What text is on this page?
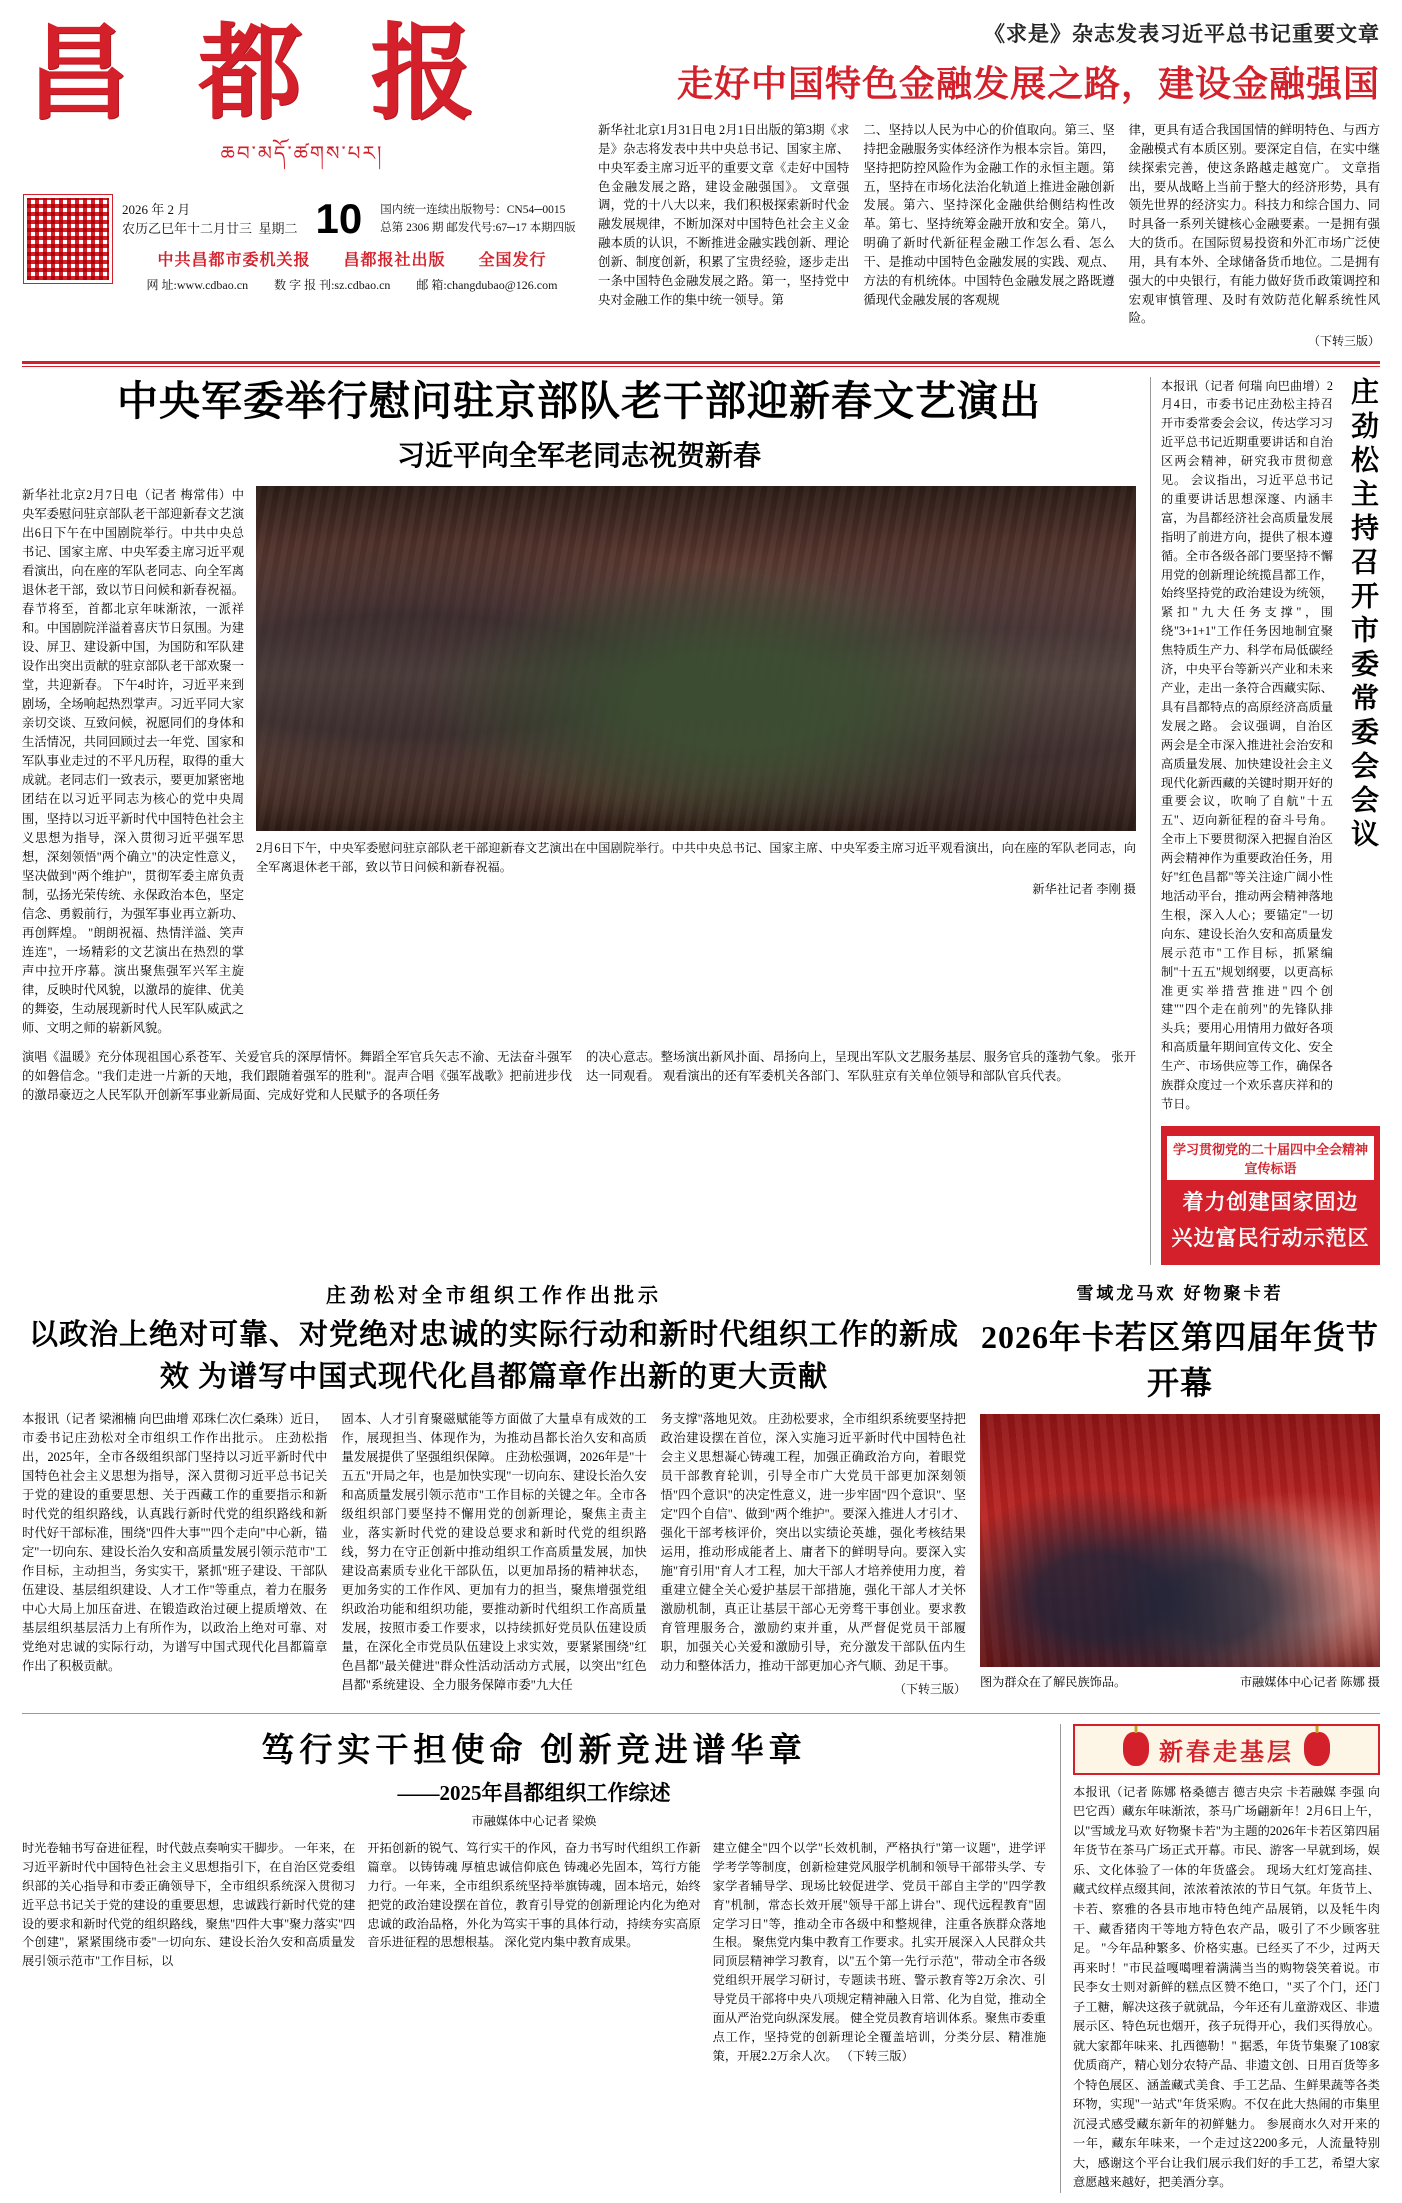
昌 都 报
ཆབ་མདོ་ཚགས་པར།
2026 年 2 月
农历乙巳年十二月廿三 星期二 10	国内统一连续出版物号：CN54─0015
总第 2306 期 邮发代号:67─17 本期四版
中共昌都市委机关报 昌都报社出版 全国发行
网 址:www.cdbao.cn 数 字 报 刊:sz.cdbao.cn 邮 箱:changdubao@126.com
《求是》杂志发表习近平总书记重要文章
走好中国特色金融发展之路，建设金融强国
新华社北京1月31日电 2月1日出版的第3期《求是》杂志将发表中共中央总书记、国家主席、中央军委主席习近平的重要文章《走好中国特色金融发展之路，建设金融强国》。 文章强调，党的十八大以来，我们积极探索新时代金融发展规律，不断加深对中国特色社会主义金融本质的认识，不断推进金融实践创新、理论创新、制度创新，积累了宝贵经验，逐步走出一条中国特色金融发展之路。第一，坚持党中央对金融工作的集中统一领导。第
二、坚持以人民为中心的价值取向。第三、坚持把金融服务实体经济作为根本宗旨。第四，坚持把防控风险作为金融工作的永恒主题。第五，坚持在市场化法治化轨道上推进金融创新发展。第六、坚持深化金融供给侧结构性改革。第七、坚持统筹金融开放和安全。第八，明确了新时代新征程金融工作怎么看、怎么干、是推动中国特色金融发展的实践、观点、方法的有机统体。中国特色金融发展之路既遵循现代金融发展的客观规
律，更具有适合我国国情的鲜明特色、与西方金融模式有本质区别。要深定自信，在实中继续探索完善，使这条路越走越宽广。 文章指出，要从战略上当前于整大的经济形势，具有领先世界的经济实力。科技力和综合国力、同时具备一系列关键核心金融要素。一是拥有强大的货币。在国际贸易投资和外汇市场广泛使用，具有本外、全球储备货币地位。二是拥有强大的中央银行，有能力做好货币政策调控和宏观审慎管理、及时有效防范化解系统性风险。
（下转三版）
中央军委举行慰问驻京部队老干部迎新春文艺演出
习近平向全军老同志祝贺新春
新华社北京2月7日电（记者 梅常伟）中央军委慰问驻京部队老干部迎新春文艺演出6日下午在中国剧院举行。中共中央总书记、国家主席、中央军委主席习近平观看演出，向在座的军队老同志、向全军离退休老干部，致以节日问候和新春祝福。 春节将至，首都北京年味渐浓，一派祥和。中国剧院洋溢着喜庆节日氛围。为建设、屏卫、建设新中国，为国防和军队建设作出突出贡献的驻京部队老干部欢聚一堂，共迎新春。 下午4时许，习近平来到剧场，全场响起热烈掌声。习近平同大家亲切交谈、互致问候，祝愿同们的身体和生活情况，共同回顾过去一年党、国家和军队事业走过的不平凡历程，取得的重大成就。老同志们一致表示，要更加紧密地团结在以习近平同志为核心的党中央周围，坚持以习近平新时代中国特色社会主义思想为指导，深入贯彻习近平强军思想，深刻领悟"两个确立"的决定性意义，坚决做到"两个维护"，贯彻军委主席负责制，弘扬光荣传统、永保政治本色，坚定信念、勇毅前行，为强军事业再立新功、再创辉煌。 "朗朗祝福、热情洋溢、笑声连连"，一场精彩的文艺演出在热烈的掌声中拉开序幕。演出聚焦强军兴军主旋律，反映时代风貌，以激昂的旋律、优美的舞姿，生动展现新时代人民军队威武之师、文明之师的崭新风貌。
2月6日下午，中央军委慰问驻京部队老干部迎新春文艺演出在中国剧院举行。中共中央总书记、国家主席、中央军委主席习近平观看演出，向在座的军队老同志，向全军离退休老干部，致以节日问候和新春祝福。
新华社记者 李刚 摄
演唱《温暖》充分体现祖国心系苍军、关爱官兵的深厚情怀。舞蹈全军官兵矢志不渝、无法奋斗强军的如磐信念。"我们走进一片新的天地，我们跟随着强军的胜利"。混声合唱《强军战歌》把前进步伐的激昂豪迈之人民军队开创新军事业新局面、完成好党和人民赋予的各项任务
的决心意志。整场演出新风扑面、昂扬向上，呈现出军队文艺服务基层、服务官兵的蓬勃气象。 张开达一同观看。 观看演出的还有军委机关各部门、军队驻京有关单位领导和部队官兵代表。
本报讯（记者 何瑞 向巴曲增）2月4日，市委书记庄劲松主持召开市委常委会会议，传达学习习近平总书记近期重要讲话和自治区两会精神，研究我市贯彻意见。 会议指出，习近平总书记的重要讲话思想深邃、内涵丰富，为昌都经济社会高质量发展指明了前进方向，提供了根本遵循。全市各级各部门要坚持不懈用党的创新理论统揽昌都工作，始终坚持党的政治建设为统领，紧扣"九大任务支撑"，围绕"3+1+1"工作任务因地制宜聚焦特质生产力、科学布局低碳经济，中央平台等新兴产业和未来产业，走出一条符合西藏实际、具有昌都特点的高原经济高质量发展之路。 会议强调，自治区两会是全市深入推进社会治安和高质量发展、加快建设社会主义现代化新西藏的关键时期开好的重要会议，吹响了自航"十五五"、迈向新征程的奋斗号角。全市上下要贯彻深入把握自治区两会精神作为重要政治任务，用好"红色昌都"等关注途广阔小性地活动平台，推动两会精神落地生根，深入人心；要锚定"一切向东、建设长治久安和高质量发展示范市"工作目标，抓紧编制"十五五"规划纲要，以更高标准更实举措营推进"四个创建""四个走在前列"的先锋队排头兵；要用心用情用力做好各项和高质量年期间宣传文化、安全生产、市场供应等工作，确保各族群众度过一个欢乐喜庆祥和的节日。
庄劲松主持召开市委常委会会议
学习贯彻党的二十届四中全会精神宣传标语
着力创建国家固边
兴边富民行动示范区
庄劲松对全市组织工作作出批示
以政治上绝对可靠、对党绝对忠诚的实际行动和新时代组织工作的新成效 为谱写中国式现代化昌都篇章作出新的更大贡献
本报讯（记者 梁湘楠 向巴曲增 邓珠仁次仁桑珠）近日，市委书记庄劲松对全市组织工作作出批示。 庄劲松指出，2025年，全市各级组织部门坚持以习近平新时代中国特色社会主义思想为指导，深入贯彻习近平总书记关于党的建设的重要思想、关于西藏工作的重要指示和新时代党的组织路线，认真践行新时代党的组织路线和新时代好干部标准，围绕"四件大事""四个走向"中心新，锚定"一切向东、建设长治久安和高质量发展引领示范市"工作目标，主动担当，务实实干，紧抓"班子建设、干部队伍建设、基层组织建设、人才工作"等重点，着力在服务中心大局上加压奋进、在锻造政治过硬上提质增效、在基层组织基层活力上有所作为，以政治上绝对可靠、对党绝对忠诚的实际行动，为谱写中国式现代化昌都篇章作出了积极贡献。
固本、人才引育聚磁赋能等方面做了大量卓有成效的工作，展现担当、体现作为，为推动昌都长治久安和高质量发展提供了坚强组织保障。 庄劲松强调，2026年是"十五五"开局之年，也是加快实现"一切向东、建设长治久安和高质量发展引领示范市"工作目标的关键之年。全市各级组织部门要坚持不懈用党的创新理论，聚焦主责主业，落实新时代党的建设总要求和新时代党的组织路线，努力在守正创新中推动组织工作高质量发展，加快建设高素质专业化干部队伍，以更加昂扬的精神状态，更加务实的工作作风、更加有力的担当，聚焦增强党组织政治功能和组织功能，要推动新时代组织工作高质量发展，按照市委工作要求，以持续抓好党员队伍建设质量，在深化全市党员队伍建设上求实效，要紧紧围绕"红色昌都"最关健进"群众性活动活动方式展，以突出"红色昌都"系统建设、全力服务保障市委"九大任
务支撑"落地见效。 庄劲松要求，全市组织系统要坚持把政治建设摆在首位，深入实施习近平新时代中国特色社会主义思想凝心铸魂工程，加强正确政治方向，着眼党员干部教育轮训，引导全市广大党员干部更加深刻领悟"四个意识"的决定性意义，进一步牢固"四个意识"、坚定"四个自信"、做到"两个维护"。要深入推进人才引才、强化干部考核评价，突出以实绩论英雄，强化考核结果运用，推动形成能者上、庸者下的鲜明导向。要深入实施"育引用"育人才工程，加大干部人才培养使用力度，着重建立健全关心爱护基层干部措施，强化干部人才关怀激励机制，真正让基层干部心无旁骛干事创业。要求教育管理服务合，激励约束并重，从严督促党员干部履职，加强关心关爱和激励引导，充分激发干部队伍内生动力和整体活力，推动干部更加心齐气顺、劲足干事。
（下转三版）
雪域龙马欢 好物聚卡若
2026年卡若区第四届年货节开幕
图为群众在了解民族饰品。	市融媒体中心记者 陈娜 摄
笃行实干担使命 创新竞进谱华章
——2025年昌都组织工作综述
市融媒体中心记者 梁焕
时光卷轴书写奋进征程，时代鼓点奏响实干脚步。 一年来，在习近平新时代中国特色社会主义思想指引下，在自治区党委组织部的关心指导和市委正确领导下，全市组织系统深入贯彻习近平总书记关于党的建设的重要思想，忠诚践行新时代党的建设的要求和新时代党的组织路线，聚焦"四件大事"聚力落实"四个创建"，紧紧围绕市委"一切向东、建设长治久安和高质量发展引领示范市"工作目标，以
开拓创新的锐气、笃行实干的作风，奋力书写时代组织工作新篇章。 以铸铸魂 厚植忠诚信仰底色 铸魂必先固本，笃行方能力行。一年来，全市组织系统坚持举旗铸魂，固本培元，始终把党的政治建设摆在首位，教育引导党的创新理论内化为绝对忠诚的政治品格，外化为笃实干事的具体行动，持续夯实高原音乐进征程的思想根基。 深化党内集中教育成果。
建立健全"四个以学"长效机制，严格执行"第一议题"，进学评学考学等制度，创新检建党风服学机制和领导干部带头学、专家学者辅导学、现场比较促进学、党员干部自主学的"四学教育"机制，常态长效开展"领导干部上讲台"、现代远程教育"固定学习日"等，推动全市各级中和整规律，注重各族群众落地生根。 聚焦党内集中教育工作要求。扎实开展深入人民群众共同顶层精神学习教育，以"五个第一先行示范"，带动全市各级党组织开展学习研讨，专题读书班、警示教育等2万余次、引导党员干部将中央八项规定精神融入日常、化为自觉，推动全面从严治党向纵深发展。 健全党员教育培训体系。聚焦市委重点工作，坚持党的创新理论全覆盖培训，分类分层、精准施策，开展2.2万余人次。 （下转三版）
新春走基层
本报讯（记者 陈娜 格桑德吉 德吉央宗 卡若融媒 李强 向巴它西）藏东年味渐浓，茶马广场翩新年！2月6日上午，以"雪域龙马欢 好物聚卡若"为主题的2026年卡若区第四届年货节在茶马广场正式开幕。市民、游客一早就到场，娱乐、文化体验了一体的年货盛会。 现场大红灯笼高挂、藏式纹样点缀其间，浓浓着浓浓的节日气氛。年货节上、卡若、察雅的各县市地市特色纯产品展销，以及牦牛肉干、藏香猪肉干等地方特色农产品，吸引了不少顾客驻足。 "今年品种繁多、价格实惠。已经买了不少，过两天再来时！"市民益嘎噶哩着满满当当的购物袋笑着说。市民李女士则对新鲜的糕点区赞不绝口，"买了个门，还门子工糖，解决这孩子就就品，今年还有儿童游戏区、非遗展示区、特色玩也烟开，孩子玩得开心，我们买得放心。就大家都年味来、扎西德勒！" 据悉，年货节集聚了108家优质商产，精心划分农特产品、非遗文创、日用百货等多个特色展区、涵盖藏式美食、手工艺品、生鲜果蔬等各类环物，实现"一站式"年货采购。不仅在此大热闹的市集里沉浸式感受藏东新年的初鲜魅力。 参展商水久对开来的一年，藏东年味来，一个走过这2200多元，人流量特别大，感谢这个平台让我们展示我们好的手工艺，希望大家意愿越来越好，把美酒分享。
